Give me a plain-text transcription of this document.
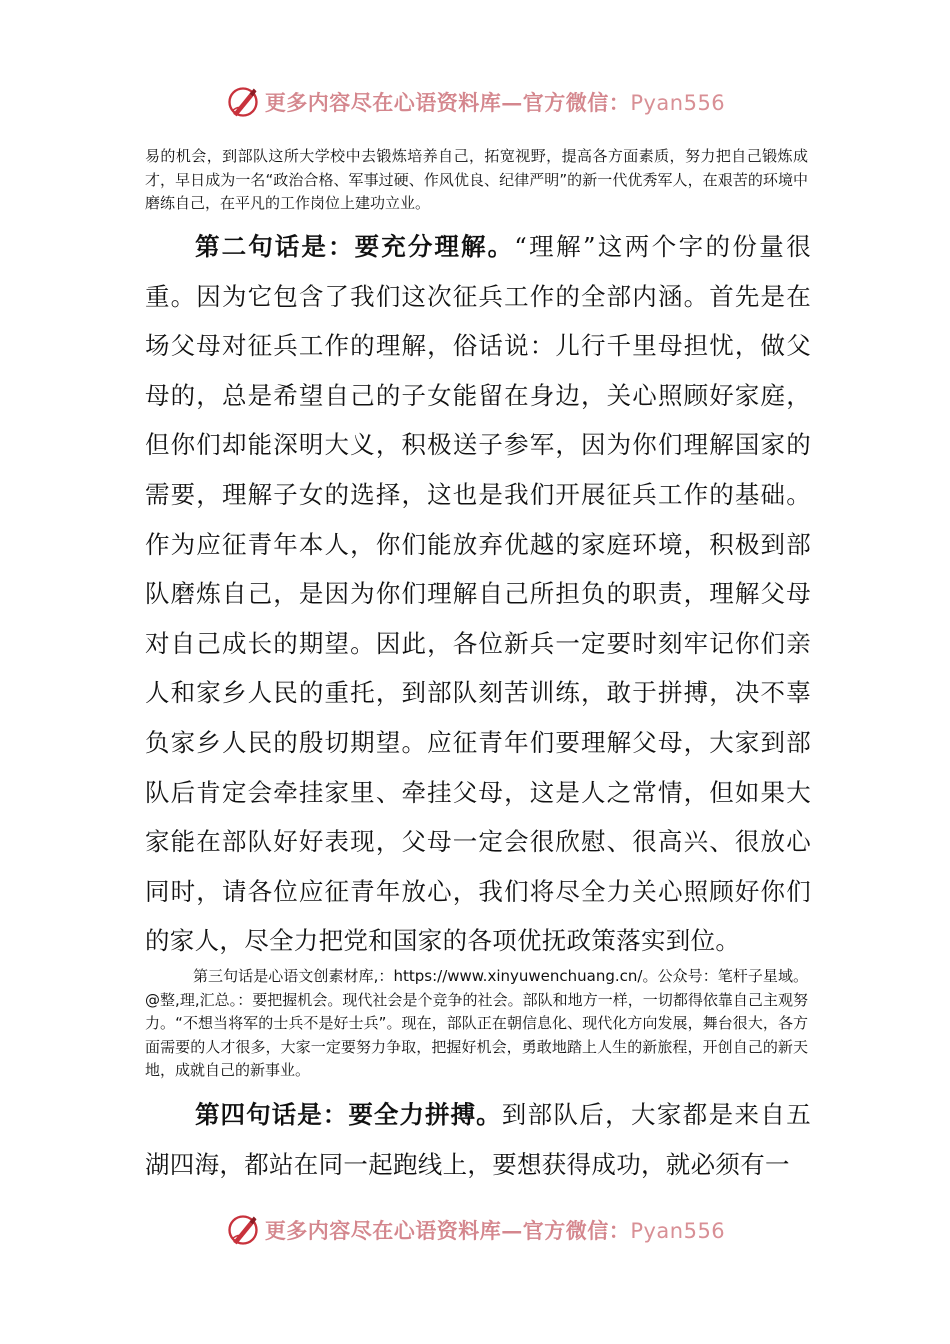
更多内容尽在心语资料库—官方微信：Pyan556

易的机会，到部队这所大学校中去锻炼培养自己，拓宽视野，提高各方面素质，努力把自己锻炼成才，早日成为一名“政治合格、军事过硬、作风优良、纪律严明”的新一代优秀军人，在艰苦的环境中磨练自己，在平凡的工作岗位上建功立业。

第二句话是：要充分理解。“理解”这两个字的份量很重。因为它包含了我们这次征兵工作的全部内涵。首先是在场父母对征兵工作的理解，俗话说：儿行千里母担忧，做父母的，总是希望自己的子女能留在身边，关心照顾好家庭，但你们却能深明大义，积极送子参军，因为你们理解国家的需要，理解子女的选择，这也是我们开展征兵工作的基础。作为应征青年本人，你们能放弃优越的家庭环境，积极到部队磨炼自己，是因为你们理解自己所担负的职责，理解父母对自己成长的期望。因此，各位新兵一定要时刻牢记你们亲人和家乡人民的重托，到部队刻苦训练，敢于拼搏，决不辜负家乡人民的殷切期望。应征青年们要理解父母，大家到部队后肯定会牵挂家里、牵挂父母，这是人之常情，但如果大家能在部队好好表现，父母一定会很欣慰、很高兴、很放心同时，请各位应征青年放心，我们将尽全力关心照顾好你们的家人，尽全力把党和国家的各项优抚政策落实到位。

第三句话是心语文创素材库,：https://www.xinyuwenchuang.cn/。公众号：笔杆子星域。@整,理,汇总。：要把握机会。现代社会是个竞争的社会。部队和地方一样，一切都得依靠自己主观努力。“不想当将军的士兵不是好士兵”。现在，部队正在朝信息化、现代化方向发展，舞台很大，各方面需要的人才很多，大家一定要努力争取，把握好机会，勇敢地踏上人生的新旅程，开创自己的新天地，成就自己的新事业。

第四句话是：要全力拼搏。到部队后，大家都是来自五湖四海，都站在同一起跑线上，要想获得成功，就必须有一

更多内容尽在心语资料库—官方微信：Pyan556
